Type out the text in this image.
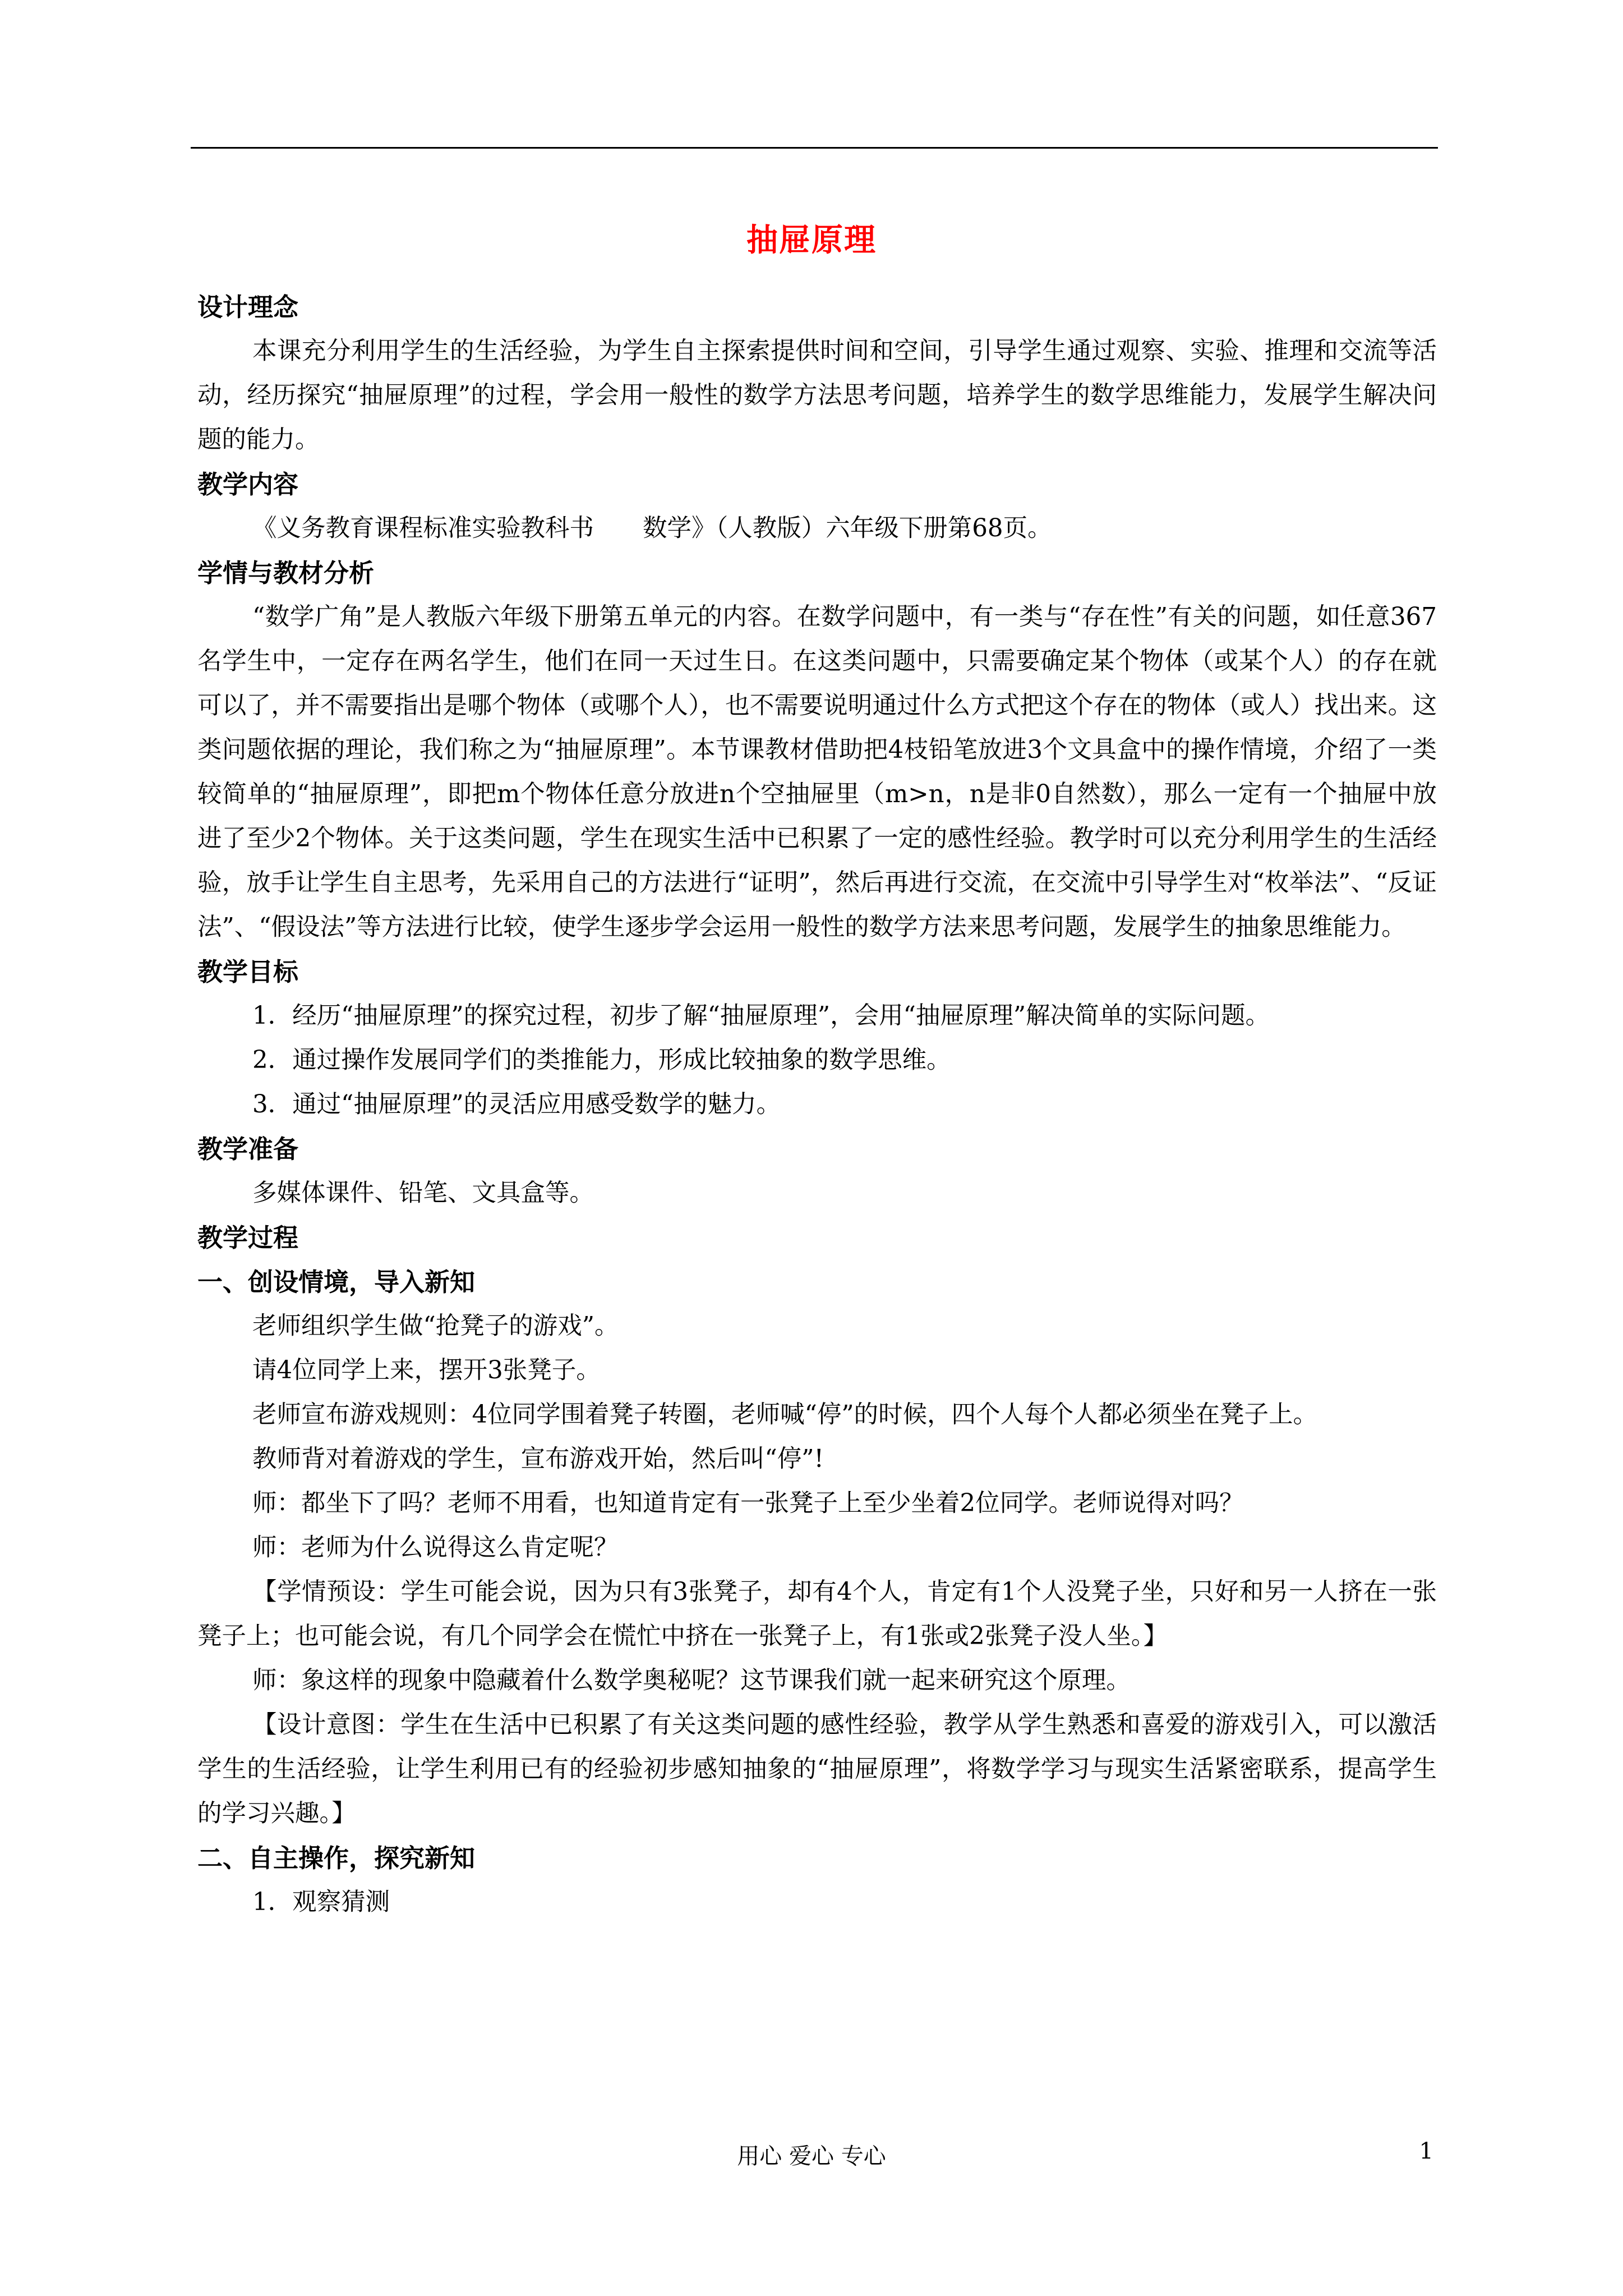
抽屉原理

设计理念

本课充分利用学生的生活经验，为学生自主探索提供时间和空间，引导学生通过观察、实验、推理和交流等活动，经历探究“抽屉原理”的过程，学会用一般性的数学方法思考问题，培养学生的数学思维能力，发展学生解决问题的能力。

教学内容

《义务教育课程标准实验教科书　　数学》（人教版）六年级下册第68页。

学情与教材分析

“数学广角”是人教版六年级下册第五单元的内容。在数学问题中，有一类与“存在性”有关的问题，如任意367名学生中，一定存在两名学生，他们在同一天过生日。在这类问题中，只需要确定某个物体（或某个人）的存在就可以了，并不需要指出是哪个物体（或哪个人），也不需要说明通过什么方式把这个存在的物体（或人）找出来。这类问题依据的理论，我们称之为“抽屉原理”。本节课教材借助把4枝铅笔放进3个文具盒中的操作情境，介绍了一类较简单的“抽屉原理”，即把m个物体任意分放进n个空抽屉里（m>n，n是非0自然数），那么一定有一个抽屉中放进了至少2个物体。关于这类问题，学生在现实生活中已积累了一定的感性经验。教学时可以充分利用学生的生活经验，放手让学生自主思考，先采用自己的方法进行“证明”，然后再进行交流，在交流中引导学生对“枚举法”、“反证法”、“假设法”等方法进行比较，使学生逐步学会运用一般性的数学方法来思考问题，发展学生的抽象思维能力。

教学目标

1．经历“抽屉原理”的探究过程，初步了解“抽屉原理”，会用“抽屉原理”解决简单的实际问题。

2．通过操作发展同学们的类推能力，形成比较抽象的数学思维。

3．通过“抽屉原理”的灵活应用感受数学的魅力。

教学准备

多媒体课件、铅笔、文具盒等。

教学过程

一、创设情境，导入新知

老师组织学生做“抢凳子的游戏”。

请4位同学上来，摆开3张凳子。

老师宣布游戏规则：4位同学围着凳子转圈，老师喊“停”的时候，四个人每个人都必须坐在凳子上。

教师背对着游戏的学生，宣布游戏开始，然后叫“停”!

师：都坐下了吗？老师不用看，也知道肯定有一张凳子上至少坐着2位同学。老师说得对吗？

师：老师为什么说得这么肯定呢？

【学情预设：学生可能会说，因为只有3张凳子，却有4个人，肯定有1个人没凳子坐，只好和另一人挤在一张凳子上；也可能会说，有几个同学会在慌忙中挤在一张凳子上，有1张或2张凳子没人坐。】

师：象这样的现象中隐藏着什么数学奥秘呢？这节课我们就一起来研究这个原理。

【设计意图：学生在生活中已积累了有关这类问题的感性经验，教学从学生熟悉和喜爱的游戏引入，可以激活学生的生活经验，让学生利用已有的经验初步感知抽象的“抽屉原理”，将数学学习与现实生活紧密联系，提高学生的学习兴趣。】

二、自主操作，探究新知

1．观察猜测

用心 爱心 专心	1
